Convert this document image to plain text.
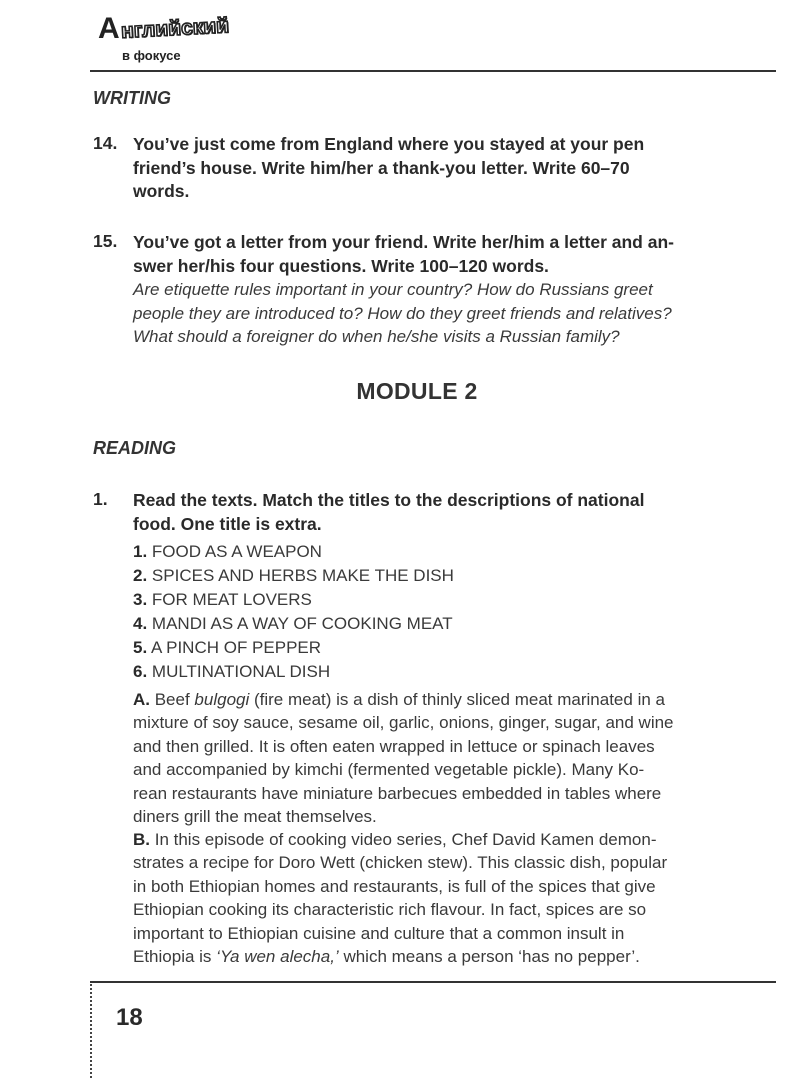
Английский
в фокусе
WRITING
14. You’ve just come from England where you stayed at your pen
friend’s house. Write him/her a thank-you letter. Write 60–70
words.
15. You’ve got a letter from your friend. Write her/him a letter and an-
swer her/his four questions. Write 100–120 words.
Are etiquette rules important in your country? How do Russians greet
people they are introduced to? How do they greet friends and relatives?
What should a foreigner do when he/she visits a Russian family?
MODULE 2
READING
1. Read the texts. Match the titles to the descriptions of national
food. One title is extra.
1. FOOD AS A WEAPON
2. SPICES AND HERBS MAKE THE DISH
3. FOR MEAT LOVERS
4. MANDI AS A WAY OF COOKING MEAT
5. A PINCH OF PEPPER
6. MULTINATIONAL DISH
A. Beef bulgogi (fire meat) is a dish of thinly sliced meat marinated in a
mixture of soy sauce, sesame oil, garlic, onions, ginger, sugar, and wine
and then grilled. It is often eaten wrapped in lettuce or spinach leaves
and accompanied by kimchi (fermented vegetable pickle). Many Ko-
rean restaurants have miniature barbecues embedded in tables where
diners grill the meat themselves.
B. In this episode of cooking video series, Chef David Kamen demon-
strates a recipe for Doro Wett (chicken stew). This classic dish, popular
in both Ethiopian homes and restaurants, is full of the spices that give
Ethiopian cooking its characteristic rich flavour. In fact, spices are so
important to Ethiopian cuisine and culture that a common insult in
Ethiopia is ‘Ya wen alecha,’ which means a person ‘has no pepper’.
18
